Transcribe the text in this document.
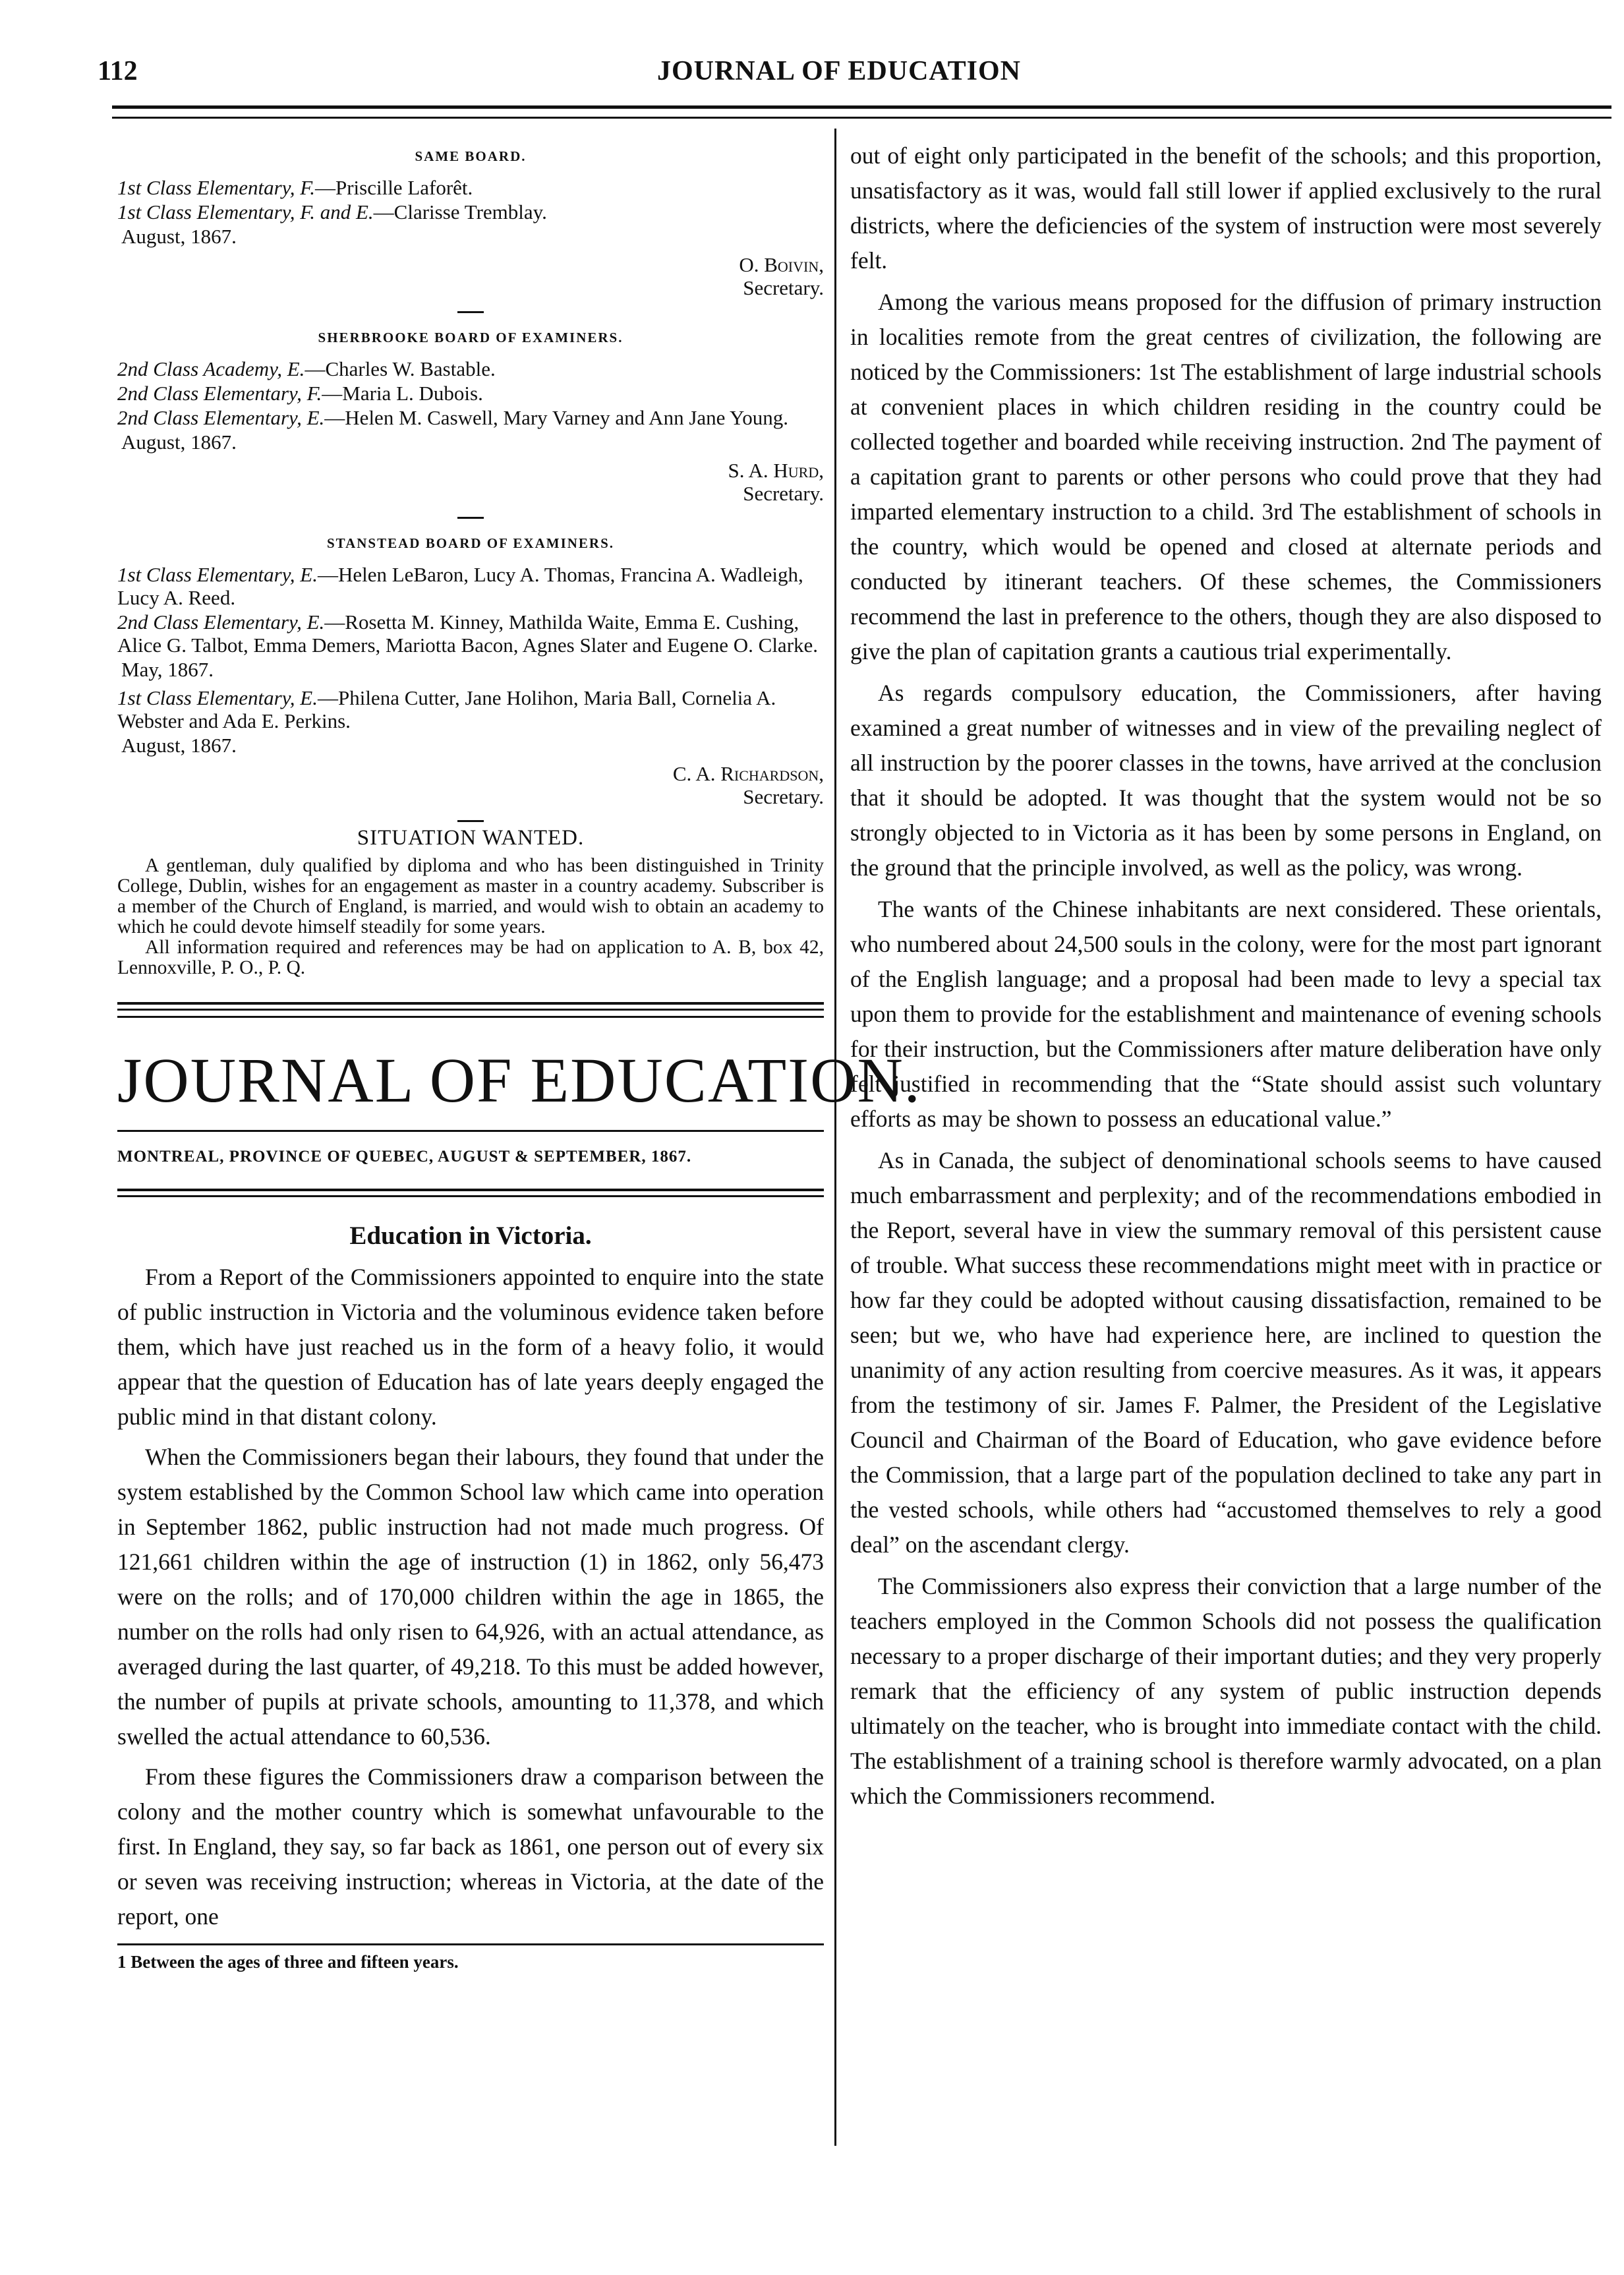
112	JOURNAL OF EDUCATION
SAME BOARD.

1st Class Elementary, F.—Priscille Laforêt.

1st Class Elementary, F. and E.—Clarisse Tremblay.

August, 1867.

O. Boivin,
Secretary.

SHERBROOKE BOARD OF EXAMINERS.

2nd Class Academy, E.—Charles W. Bastable.

2nd Class Elementary, F.—Maria L. Dubois.

2nd Class Elementary, E.—Helen M. Caswell, Mary Varney and Ann Jane Young.

August, 1867.

S. A. Hurd,
Secretary.

STANSTEAD BOARD OF EXAMINERS.

1st Class Elementary, E.—Helen LeBaron, Lucy A. Thomas, Francina A. Wadleigh, Lucy A. Reed.

2nd Class Elementary, E.—Rosetta M. Kinney, Mathilda Waite, Emma E. Cushing, Alice G. Talbot, Emma Demers, Mariotta Bacon, Agnes Slater and Eugene O. Clarke.

May, 1867.

1st Class Elementary, E.—Philena Cutter, Jane Holihon, Maria Ball, Cornelia A. Webster and Ada E. Perkins.

August, 1867.

C. A. Richardson,
Secretary.

SITUATION WANTED.

A gentleman, duly qualified by diploma and who has been distinguished in Trinity College, Dublin, wishes for an engagement as master in a country academy. Subscriber is a member of the Church of England, is married, and would wish to obtain an academy to which he could devote himself steadily for some years.

All information required and references may be had on application to A. B, box 42, Lennoxville, P. O., P. Q.

JOURNAL OF EDUCATION.
MONTREAL, PROVINCE OF QUEBEC, AUGUST & SEPTEMBER, 1867.
Education in Victoria.

From a Report of the Commissioners appointed to enquire into the state of public instruction in Victoria and the voluminous evidence taken before them, which have just reached us in the form of a heavy folio, it would appear that the question of Education has of late years deeply engaged the public mind in that distant colony.

When the Commissioners began their labours, they found that under the system established by the Common School law which came into operation in September 1862, public instruction had not made much progress. Of 121,661 children within the age of instruction (1) in 1862, only 56,473 were on the rolls; and of 170,000 children within the age in 1865, the number on the rolls had only risen to 64,926, with an actual attendance, as averaged during the last quarter, of 49,218. To this must be added however, the number of pupils at private schools, amounting to 11,378, and which swelled the actual attendance to 60,536.

From these figures the Commissioners draw a comparison between the colony and the mother country which is somewhat unfavourable to the first. In England, they say, so far back as 1861, one person out of every six or seven was receiving instruction; whereas in Victoria, at the date of the report, one

1 Between the ages of three and fifteen years.

out of eight only participated in the benefit of the schools; and this proportion, unsatisfactory as it was, would fall still lower if applied exclusively to the rural districts, where the deficiencies of the system of instruction were most severely felt.

Among the various means proposed for the diffusion of primary instruction in localities remote from the great centres of civilization, the following are noticed by the Commissioners: 1st The establishment of large industrial schools at convenient places in which children residing in the country could be collected together and boarded while receiving instruction. 2nd The payment of a capitation grant to parents or other persons who could prove that they had imparted elementary instruction to a child. 3rd The establishment of schools in the country, which would be opened and closed at alternate periods and conducted by itinerant teachers. Of these schemes, the Commissioners recommend the last in preference to the others, though they are also disposed to give the plan of capitation grants a cautious trial experimentally.

As regards compulsory education, the Commissioners, after having examined a great number of witnesses and in view of the prevailing neglect of all instruction by the poorer classes in the towns, have arrived at the conclusion that it should be adopted. It was thought that the system would not be so strongly objected to in Victoria as it has been by some persons in England, on the ground that the principle involved, as well as the policy, was wrong.

The wants of the Chinese inhabitants are next considered. These orientals, who numbered about 24,500 souls in the colony, were for the most part ignorant of the English language; and a proposal had been made to levy a special tax upon them to provide for the establishment and maintenance of evening schools for their instruction, but the Commissioners after mature deliberation have only felt justified in recommending that the “State should assist such voluntary efforts as may be shown to possess an educational value.”

As in Canada, the subject of denominational schools seems to have caused much embarrassment and perplexity; and of the recommendations embodied in the Report, several have in view the summary removal of this persistent cause of trouble. What success these recommendations might meet with in practice or how far they could be adopted without causing dissatisfaction, remained to be seen; but we, who have had experience here, are inclined to question the unanimity of any action resulting from coercive measures. As it was, it appears from the testimony of sir. James F. Palmer, the President of the Legislative Council and Chairman of the Board of Education, who gave evidence before the Commission, that a large part of the population declined to take any part in the vested schools, while others had “accustomed themselves to rely a good deal” on the ascendant clergy.

The Commissioners also express their conviction that a large number of the teachers employed in the Common Schools did not possess the qualification necessary to a proper discharge of their important duties; and they very properly remark that the efficiency of any system of public instruction depends ultimately on the teacher, who is brought into immediate contact with the child. The establishment of a training school is therefore warmly advocated, on a plan which the Commissioners recommend.
